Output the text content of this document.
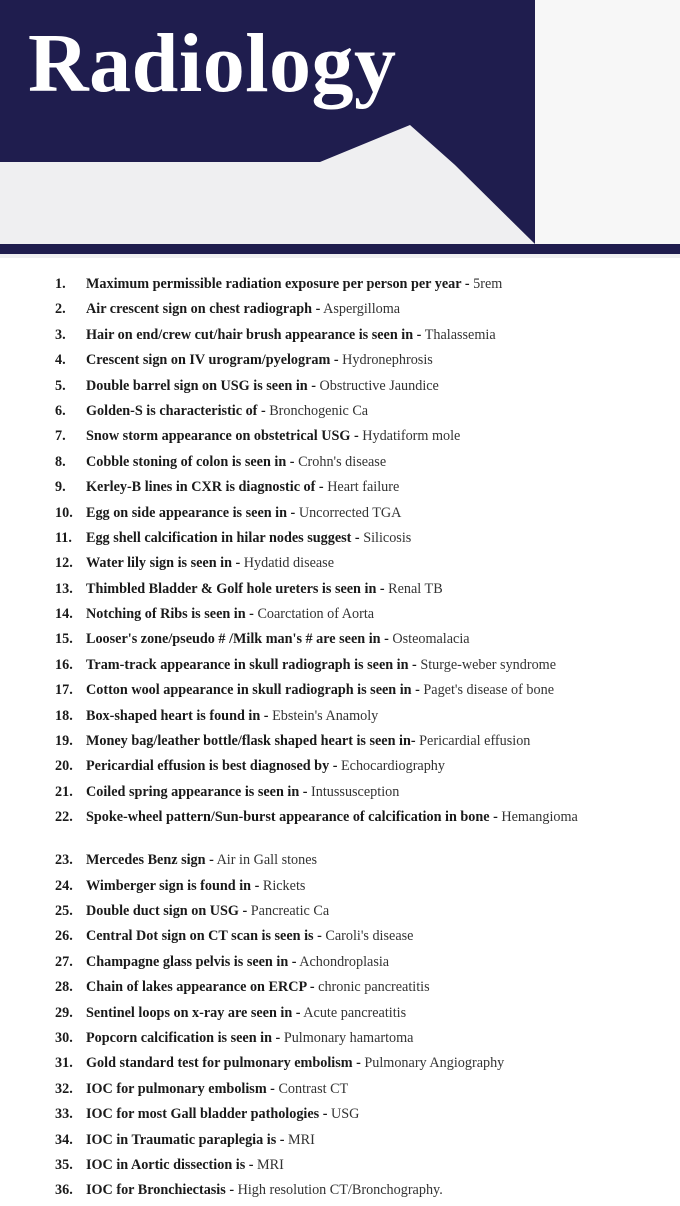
Radiology
1.	Maximum permissible radiation exposure per person per year - 5rem
2.	Air crescent sign on chest radiograph - Aspergilloma
3.	Hair on end/crew cut/hair brush appearance is seen in - Thalassemia
4.	Crescent sign on IV urogram/pyelogram - Hydronephrosis
5.	Double barrel sign on USG is seen in - Obstructive Jaundice
6.	Golden-S is characteristic of - Bronchogenic Ca
7.	Snow storm appearance on obstetrical USG - Hydatiform mole
8.	Cobble stoning of colon is seen in - Crohn's disease
9.	Kerley-B lines in CXR is diagnostic of - Heart failure
10. Egg on side appearance is seen in - Uncorrected TGA
11. Egg shell calcification in hilar nodes suggest - Silicosis
12. Water lily sign is seen in - Hydatid disease
13. Thimbled Bladder & Golf hole ureters is seen in - Renal TB
14. Notching of Ribs is seen in - Coarctation of Aorta
15. Looser's zone/pseudo # /Milk man's # are seen in - Osteomalacia
16. Tram-track appearance in skull radiograph is seen in - Sturge-weber syndrome
17. Cotton wool appearance in skull radiograph is seen in - Paget's disease of bone
18. Box-shaped heart is found in - Ebstein's Anamoly
19. Money bag/leather bottle/flask shaped heart is seen in- Pericardial effusion
20. Pericardial effusion is best diagnosed by - Echocardiography
21. Coiled spring appearance is seen in - Intussusception
22. Spoke-wheel pattern/Sun-burst appearance of calcification in bone - Hemangioma
23. Mercedes Benz sign - Air in Gall stones
24. Wimberger sign is found in - Rickets
25. Double duct sign on USG - Pancreatic Ca
26. Central Dot sign on CT scan is seen is - Caroli's disease
27. Champagne glass pelvis is seen in - Achondroplasia
28. Chain of lakes appearance on ERCP - chronic pancreatitis
29. Sentinel loops on x-ray are seen in - Acute pancreatitis
30. Popcorn calcification is seen in - Pulmonary hamartoma
31. Gold standard test for pulmonary embolism - Pulmonary Angiography
32. IOC for pulmonary embolism - Contrast CT
33. IOC for most Gall bladder pathologies - USG
34. IOC in Traumatic paraplegia is - MRI
35. IOC in Aortic dissection is - MRI
36. IOC for Bronchiectasis - High resolution CT/Bronchography.
